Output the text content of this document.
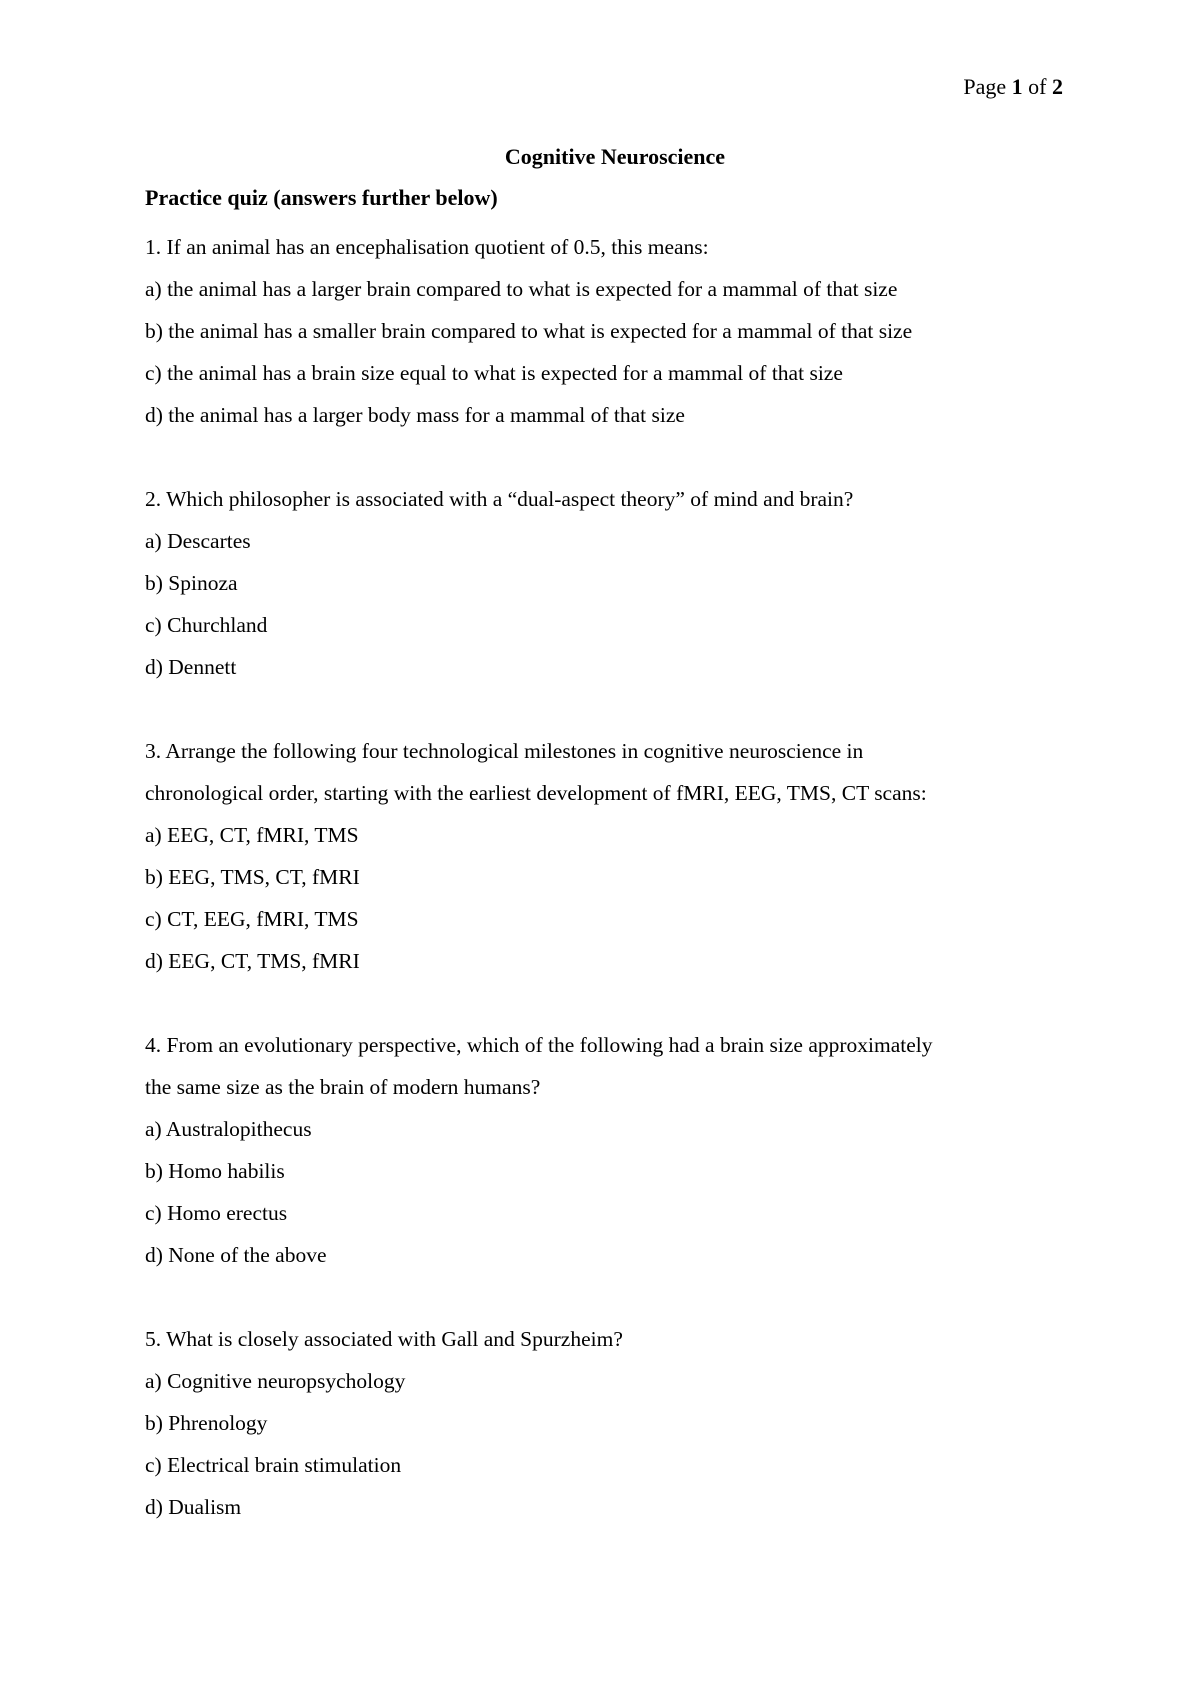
Page 1 of 2
Cognitive Neuroscience
Practice quiz (answers further below)

1. If an animal has an encephalisation quotient of 0.5, this means:

a) the animal has a larger brain compared to what is expected for a mammal of that size

b) the animal has a smaller brain compared to what is expected for a mammal of that size

c) the animal has a brain size equal to what is expected for a mammal of that size

d) the animal has a larger body mass for a mammal of that size

2. Which philosopher is associated with a “dual-aspect theory” of mind and brain?

a) Descartes

b) Spinoza

c) Churchland

d) Dennett

3. Arrange the following four technological milestones in cognitive neuroscience in

chronological order, starting with the earliest development of fMRI, EEG, TMS, CT scans:

a) EEG, CT, fMRI, TMS

b) EEG, TMS, CT, fMRI

c) CT, EEG, fMRI, TMS

d) EEG, CT, TMS, fMRI

4. From an evolutionary perspective, which of the following had a brain size approximately

the same size as the brain of modern humans?

a) Australopithecus

b) Homo habilis

c) Homo erectus

d) None of the above

5. What is closely associated with Gall and Spurzheim?

a) Cognitive neuropsychology

b) Phrenology

c) Electrical brain stimulation

d) Dualism
